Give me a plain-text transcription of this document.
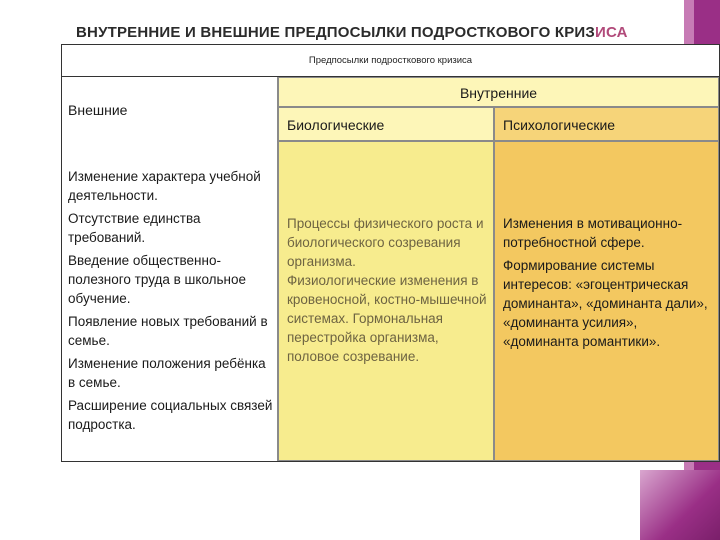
ВНУТРЕННИЕ И ВНЕШНИЕ ПРЕДПОСЫЛКИ ПОДРОСТКОВОГО КРИЗИСА
Предпосылки подросткового кризиса
Внешние
Внутренние
Биологические	Психологические
Изменение характера учебной деятельности.
Отсутствие единства требований.
Введение общественно-полезного труда в школьное обучение.
Появление новых требований в семье.
Изменение положения ребёнка в семье.
Расширение социальных связей подростка.
Процессы физического роста и биологического созревания организма.
Физиологические изменения в кровеносной, костно-мышечной системах. Гормональная перестройка организма, половое созревание.
Изменения в мотивационно-потребностной сфере.
Формирование системы интересов: «эгоцентрическая доминанта», «доминанта дали», «доминанта усилия», «доминанта романтики».
